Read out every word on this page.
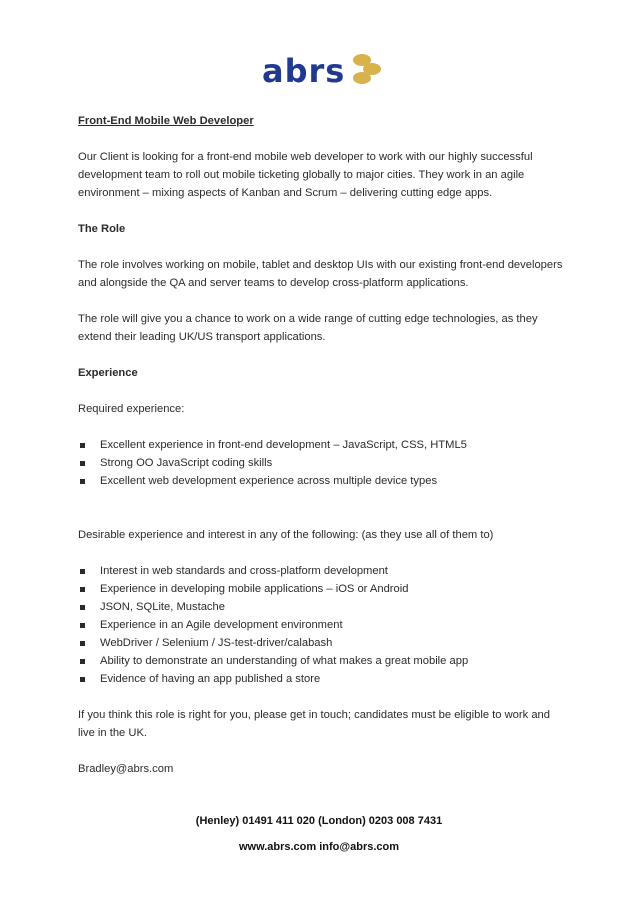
abrs

Front-End Mobile Web Developer

Our Client is looking for a front-end mobile web developer to work with our highly successful development team to roll out mobile ticketing globally to major cities. They work in an agile environment – mixing aspects of Kanban and Scrum – delivering cutting edge apps.

The Role

The role involves working on mobile, tablet and desktop UIs with our existing front-end developers and alongside the QA and server teams to develop cross-platform applications.

The role will give you a chance to work on a wide range of cutting edge technologies, as they extend their leading UK/US transport applications.

Experience

Required experience:

Excellent experience in front-end development – JavaScript, CSS, HTML5
Strong OO JavaScript coding skills
Excellent web development experience across multiple device types

Desirable experience and interest in any of the following: (as they use all of them to)

Interest in web standards and cross-platform development
Experience in developing mobile applications – iOS or Android
JSON, SQLite, Mustache
Experience in an Agile development environment
WebDriver / Selenium / JS-test-driver/calabash
Ability to demonstrate an understanding of what makes a great mobile app
Evidence of having an app published a store

If you think this role is right for you, please get in touch; candidates must be eligible to work and live in the UK.

Bradley@abrs.com

(Henley) 01491 411 020 (London) 0203 008 7431
www.abrs.com info@abrs.com
